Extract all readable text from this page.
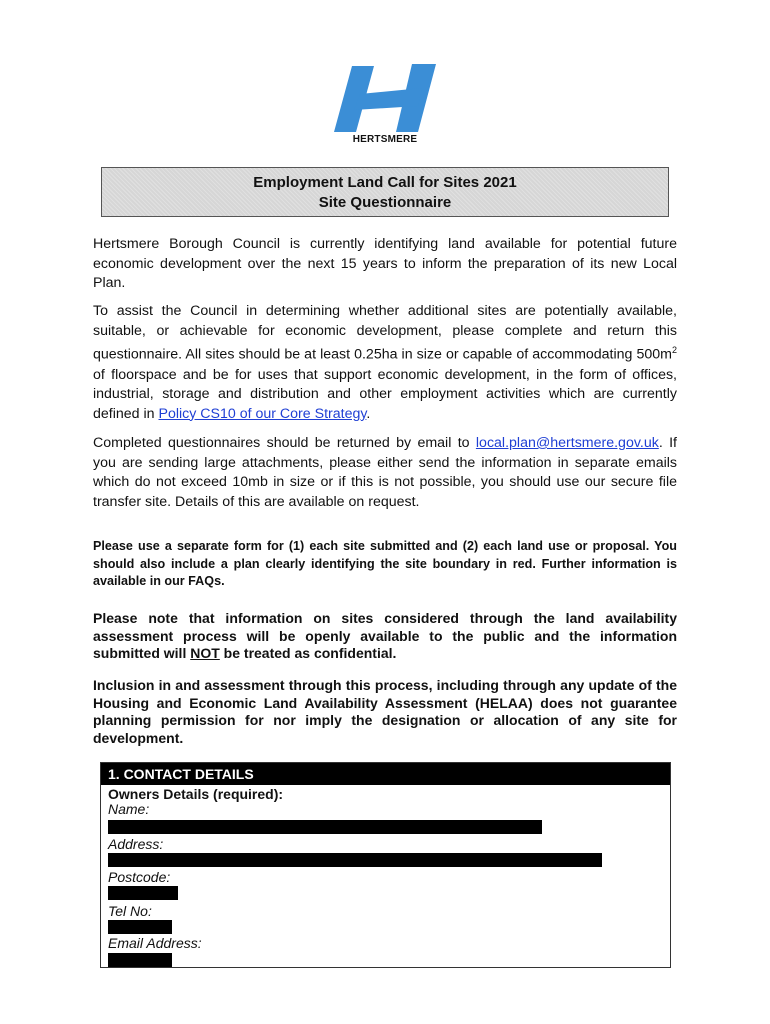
HERTSMERE
Employment Land Call for Sites 2021
Site Questionnaire
Hertsmere Borough Council is currently identifying land available for potential future economic development over the next 15 years to inform the preparation of its new Local Plan.
To assist the Council in determining whether additional sites are potentially available, suitable, or achievable for economic development, please complete and return this questionnaire. All sites should be at least 0.25ha in size or capable of accommodating $500m^2$ of floorspace and be for uses that support economic development, in the form of offices, industrial, storage and distribution and other employment activities which are currently defined in Policy CS10 of our Core Strategy.
Completed questionnaires should be returned by email to local.plan@hertsmere.gov.uk. If you are sending large attachments, please either send the information in separate emails which do not exceed 10mb in size or if this is not possible, you should use our secure file transfer site. Details of this are available on request.
Please use a separate form for (1) each site submitted and (2) each land use or proposal. You should also include a plan clearly identifying the site boundary in red. Further information is available in our FAQs.
Please note that information on sites considered through the land availability assessment process will be openly available to the public and the information submitted will NOT be treated as confidential.
Inclusion in and assessment through this process, including through any update of the Housing and Economic Land Availability Assessment (HELAA) does not guarantee planning permission for nor imply the designation or allocation of any site for development.
1. CONTACT DETAILS
Owners Details (required):
Name:
Address:
Postcode:
Tel No:
Email Address:
